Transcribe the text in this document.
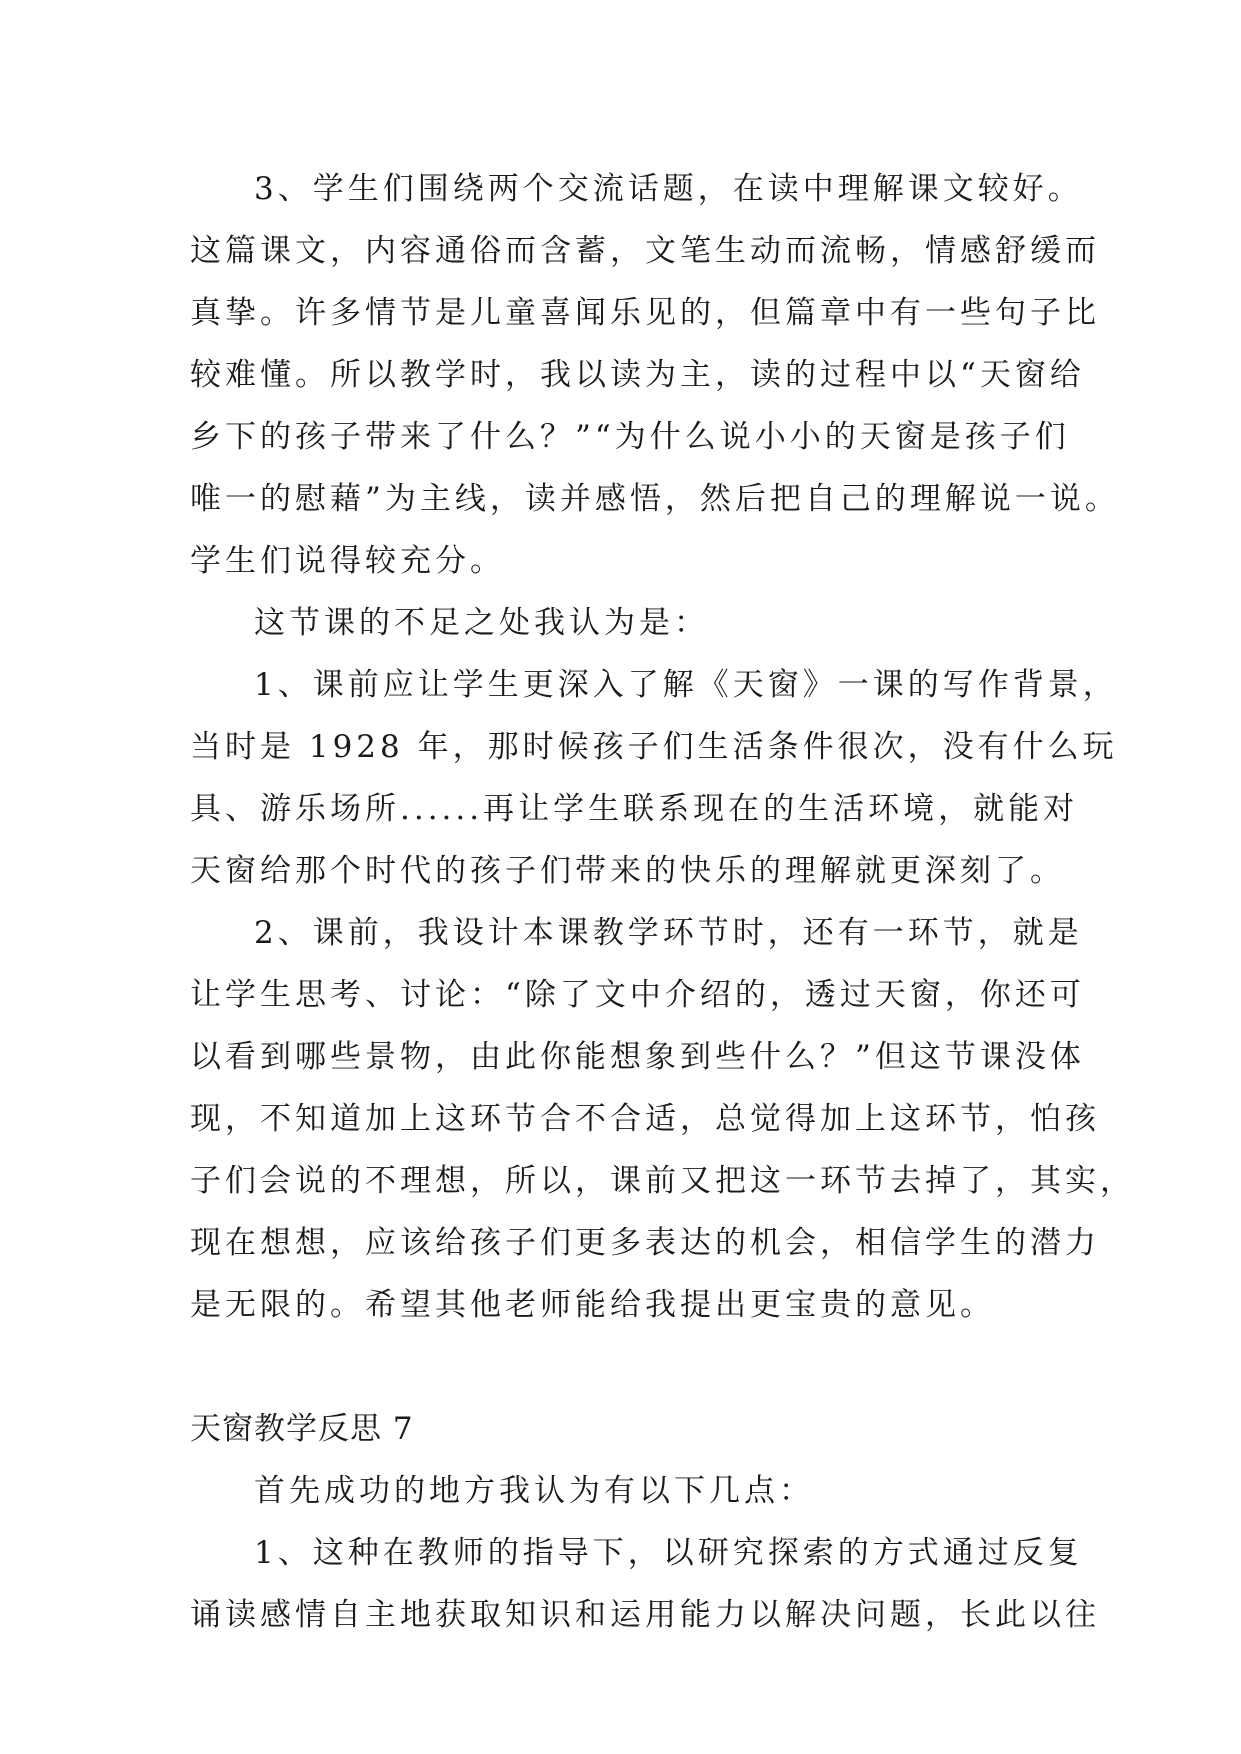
3、学生们围绕两个交流话题，在读中理解课文较好。
这篇课文，内容通俗而含蓄，文笔生动而流畅，情感舒缓而
真挚。许多情节是儿童喜闻乐见的，但篇章中有一些句子比
较难懂。所以教学时，我以读为主，读的过程中以“天窗给
乡下的孩子带来了什么？”“为什么说小小的天窗是孩子们
唯一的慰藉”为主线，读并感悟，然后把自己的理解说一说。
学生们说得较充分。
这节课的不足之处我认为是：
1、课前应让学生更深入了解《天窗》一课的写作背景，
当时是 1928 年，那时候孩子们生活条件很次，没有什么玩
具、游乐场所......再让学生联系现在的生活环境，就能对
天窗给那个时代的孩子们带来的快乐的理解就更深刻了。
2、课前，我设计本课教学环节时，还有一环节，就是
让学生思考、讨论：“除了文中介绍的，透过天窗，你还可
以看到哪些景物，由此你能想象到些什么？”但这节课没体
现，不知道加上这环节合不合适，总觉得加上这环节，怕孩
子们会说的不理想，所以，课前又把这一环节去掉了，其实，
现在想想，应该给孩子们更多表达的机会，相信学生的潜力
是无限的。希望其他老师能给我提出更宝贵的意见。
天窗教学反思 7
首先成功的地方我认为有以下几点：
1、这种在教师的指导下，以研究探索的方式通过反复
诵读感情自主地获取知识和运用能力以解决问题，长此以往
